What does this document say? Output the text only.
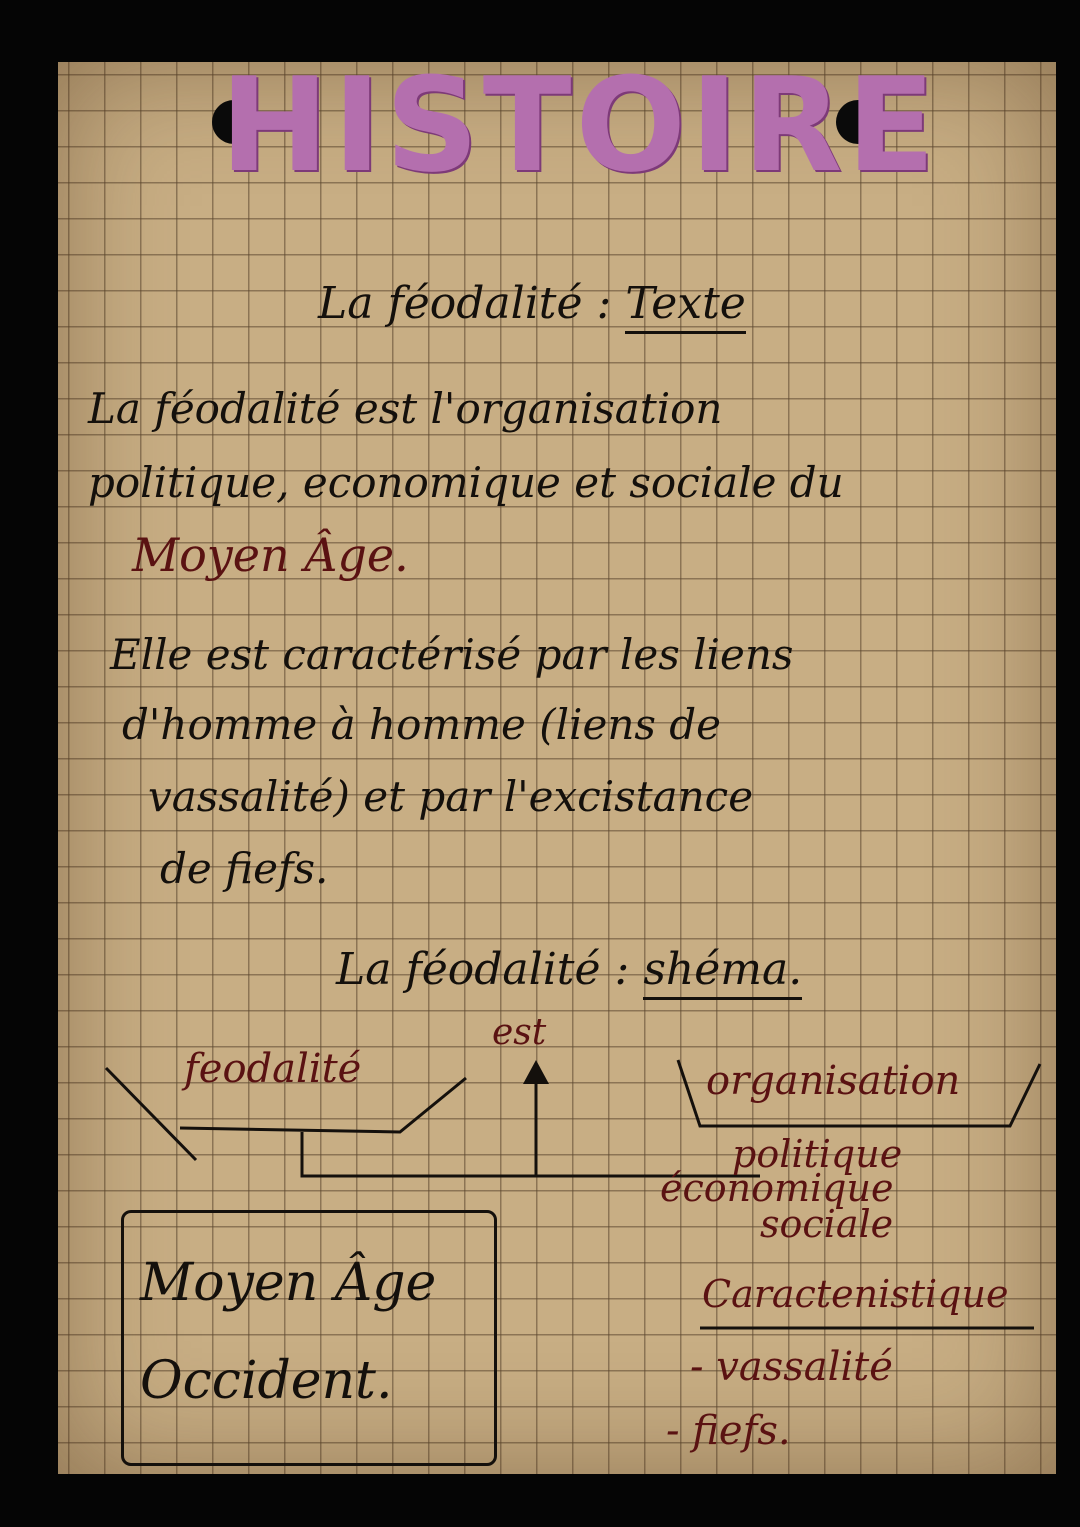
HISTOIRE
La féodalité : Texte
La féodalité est l'organisation
politique, economique et sociale du
Moyen Âge.
Elle est caractérisé par les liens
d'homme à homme (liens de
vassalité) et par l'excistance
de fiefs.
La féodalité : shéma.
feodalité
est
organisation
politique
économique
sociale
Caractenistique
- vassalité
- fiefs.
Moyen Âge
Occident.
